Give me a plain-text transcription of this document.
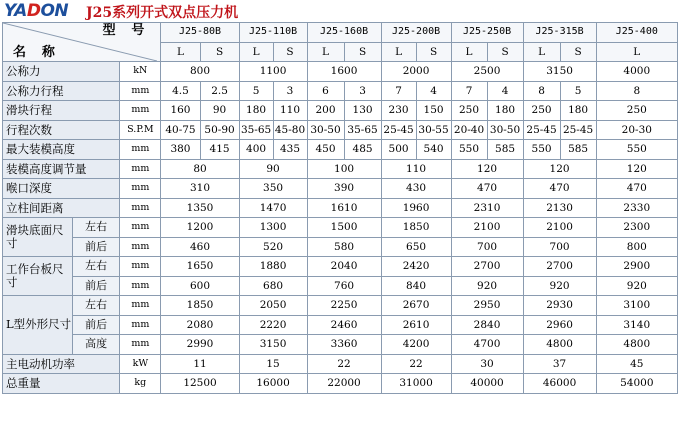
YADON J25系列开式双点压力机
型 号
名 称			J25-80B		J25-110B		J25-160B		J25-200B		J25-250B		J25-315B		J25-400
			L	S	L	S	L	S	L	S	L	S	L	S	L
公称力		kN	800		1100		1600		2000		2500		3150		4000
公称力行程		mm	4.5	2.5	5	3	6	3	7	4	7	4	8	5	8
滑块行程		mm	160	90	180	110	200	130	230	150	250	180	250	180	250
行程次数		S.P.M	40-75	50-90	35-65	45-80	30-50	35-65	25-45	30-55	20-40	30-50	25-45	25-45	20-30
最大装模高度		mm	380	415	400	435	450	485	500	540	550	585	550	585	550
装模高度调节量		mm	80		90		100		110		120		120		120
喉口深度		mm	310		350		390		430		470		470		470
立柱间距离		mm	1350		1470		1610		1960		2310		2130		2330
滑块底面尺寸	左右	mm	1200		1300		1500		1850		2100		2100		2300
	前后	mm	460		520		580		650		700		700		800
工作台板尺寸	左右	mm	1650		1880		2040		2420		2700		2700		2900
	前后	mm	600		680		760		840		920		920		920
L型外形尺寸	左右	mm	1850		2050		2250		2670		2950		2930		3100
	前后	mm	2080		2220		2460		2610		2840		2960		3140
	高度	mm	2990		3150		3360		4200		4700		4800		4800
主电动机功率		kW	11		15		22		22		30		37		45
总重量		kg	12500		16000		22000		31000		40000		46000		54000
